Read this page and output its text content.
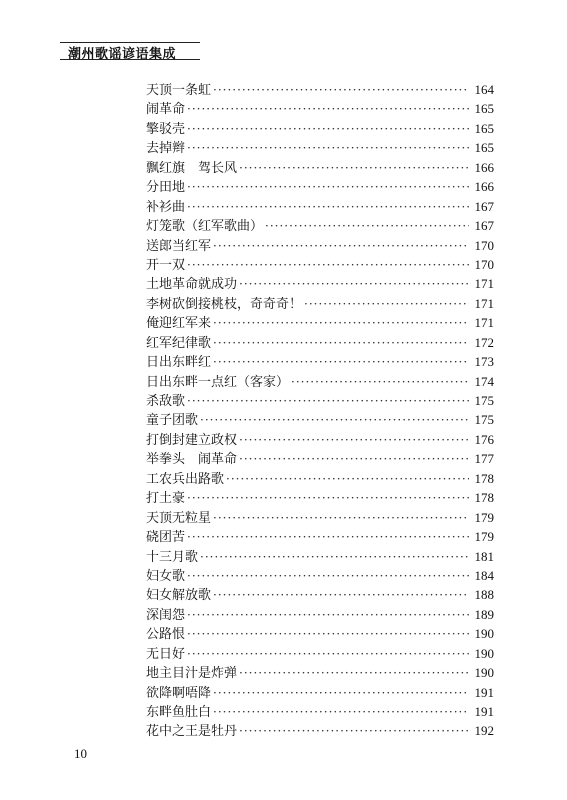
潮州歌谣谚语集成
天顶一条虹 ·····	164
闹革命 ·····	165
擎驳壳 ·····	165
去掉辫 ·····	165
飘红旗　驾长风 ·····	166
分田地 ·····	166
补衫曲 ·····	167
灯笼歌（红军歌曲） ·····	167
送郎当红军 ·····	170
开一双 ·····	170
土地革命就成功 ·····	171
李树砍倒接桃枝，奇奇奇！ ·····	171
俺迎红军来 ·····	171
红军纪律歌 ·····	172
日出东畔红 ·····	173
日出东畔一点红（客家） ·····	174
杀敌歌 ·····	175
童子团歌 ·····	175
打倒封建立政权 ·····	176
举拳头　闹革命 ·····	177
工农兵出路歌 ·····	178
打土豪 ·····	178
天顶无粒星 ·····	179
硗团苦 ·····	179
十三月歌 ·····	181
妇女歌 ·····	184
妇女解放歌 ·····	188
深闺怨 ·····	189
公路恨 ·····	190
无日好 ·····	190
地主目汁是炸弹 ·····	190
欲降啊唔降 ·····	191
东畔鱼肚白 ·····	191
花中之王是牡丹 ·····	192
10
